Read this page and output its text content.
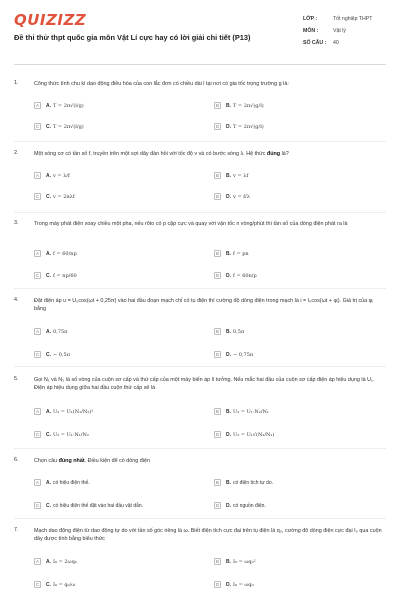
QUIZIZZ
Đề thi thử thpt quốc gia môn Vật Lí cực hay có lời giải chi tiết (P13)
LỚP :	Tốt nghiệp THPT
MÔN :	Vật lý
SỐ CÂU :	40
1.	Công thức tính chu kì dao động điều hòa của con lắc đơn có chiều dài l tại nơi có gia tốc trọng trường g là:
A	A. T = 2π√(l/g)	B	B. T = 2π√(g/l)
C	C. T = 2π√(l/g)	D	D. T = 2π√(g/l)
2.	Một sóng cơ có tần số f, truyền trên một sợi dây đàn hồi với tốc độ v và có bước sóng λ. Hệ thức đúng là?
A	A. v = λ/f	B	B. v = λf
C	C. v = 2πλf	D	D. v = f/λ
3.	Trong máy phát điện xoay chiều một pha, nếu rôto có p cặp cực và quay với vận tốc n vòng/phút thì tần số của dòng điện phát ra là
A	A. f = 60/np	B	B. f = pn
C	C. f = np/60	D	D. f = 60n/p
4.	Đặt điện áp u = U₀cos(ωt + 0,25π) vào hai đầu đoạn mạch chỉ có tụ điện thì cường độ dòng điện trong mạch là i = I₀cos(ωt + φᵢ). Giá trị của φᵢ bằng
A	A. 0,75π	B	B. 0,5π
C	C. − 0,5π	D	D. − 0,75π
5.	Gọi N₁ và N₂ là số vòng của cuộn sơ cấp và thứ cấp của một máy biến áp lí tưởng. Nếu mắc hai đầu của cuộn sơ cấp điện áp hiệu dụng là U₁. Điện áp hiệu dụng giữa hai đầu cuộn thứ cấp sẽ là
A	A. U₂ = U₁(N₁/N₂)²	B	B. U₂ = U₁·N₂/N₁
C	C. U₂ = U₁·N₁/N₂	D	D. U₂ = U₁√(N₂/N₁)
6.	Chọn câu đúng nhất. Điều kiện để có dòng điện
A	A. có hiệu điện thế.	B	B. có điện tích tự do.
C	C. có hiệu điện thế đặt vào hai đầu vật dẫn.	D	D. có nguồn điện.
7.	Mạch dao động điện từ dao động tự do với tần số góc riêng là ω. Biết điện tích cực đại trên tụ điện là q₀, cường độ dòng điện cực đại I₀ qua cuộn dây được tính bằng biểu thức
A	A. I₀ = 2ωq₀	B	B. I₀ = ωq₀²
C	C. I₀ = q₀/ω	D	D. I₀ = ωq₀
